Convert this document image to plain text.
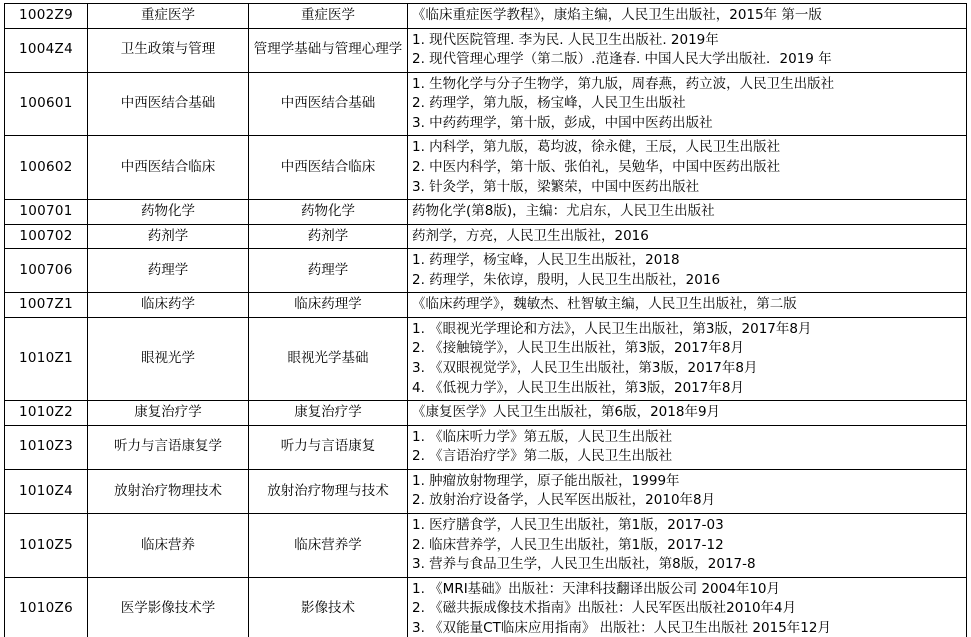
1002Z9	重症医学	重症医学	《临床重症医学教程》，康焰主编，人民卫生出版社，2015年 第一版

1004Z4	卫生政策与管理	管理学基础与管理心理学	1. 现代医院管理. 李为民. 人民卫生出版社. 2019年
2. 现代管理心理学（第二版）.范逢春. 中国人民大学出版社．2019 年

100601	中西医结合基础	中西医结合基础	1. 生物化学与分子生物学，第九版，周春燕，药立波，人民卫生出版社
2. 药理学，第九版，杨宝峰，人民卫生出版社
3. 中药药理学，第十版，彭成，中国中医药出版社

100602	中西医结合临床	中西医结合临床	1. 内科学，第九版，葛均波，徐永健，王辰，人民卫生出版社
2. 中医内科学，第十版、张伯礼，吴勉华，中国中医药出版社
3. 针灸学，第十版，梁繁荣，中国中医药出版社

100701	药物化学	药物化学	药物化学(第8版)，主编：尤启东，人民卫生出版社

100702	药剂学	药剂学	药剂学，方亮，人民卫生出版社，2016

100706	药理学	药理学	1. 药理学，杨宝峰，人民卫生出版社，2018
2. 药理学，朱依谆，殷明，人民卫生出版社，2016

1007Z1	临床药学	临床药理学	《临床药理学》，魏敏杰、杜智敏主编，人民卫生出版社，第二版

1010Z1	眼视光学	眼视光学基础	1. 《眼视光学理论和方法》，人民卫生出版社，第3版，2017年8月
2. 《接触镜学》，人民卫生出版社，第3版，2017年8月
3. 《双眼视觉学》，人民卫生出版社，第3版，2017年8月
4. 《低视力学》，人民卫生出版社，第3版，2017年8月

1010Z2	康复治疗学	康复治疗学	《康复医学》人民卫生出版社，第6版，2018年9月

1010Z3	听力与言语康复学	听力与言语康复	1. 《临床听力学》第五版，人民卫生出版社
2. 《言语治疗学》第二版，人民卫生出版社

1010Z4	放射治疗物理技术	放射治疗物理与技术	1. 肿瘤放射物理学，原子能出版社，1999年
2. 放射治疗设备学，人民军医出版社，2010年8月

1010Z5	临床营养	临床营养学	1. 医疗膳食学，人民卫生出版社，第1版，2017-03
2. 临床营养学，人民卫生出版社，第1版，2017-12
3. 营养与食品卫生学，人民卫生出版社，第8版，2017-8

1010Z6	医学影像技术学	影像技术	1. 《MRI基础》出版社：天津科技翻译出版公司 2004年10月
2. 《磁共振成像技术指南》出版社：人民军医出版社2010年4月
3. 《双能量CT临床应用指南》 出版社：人民卫生出版社 2015年12月
